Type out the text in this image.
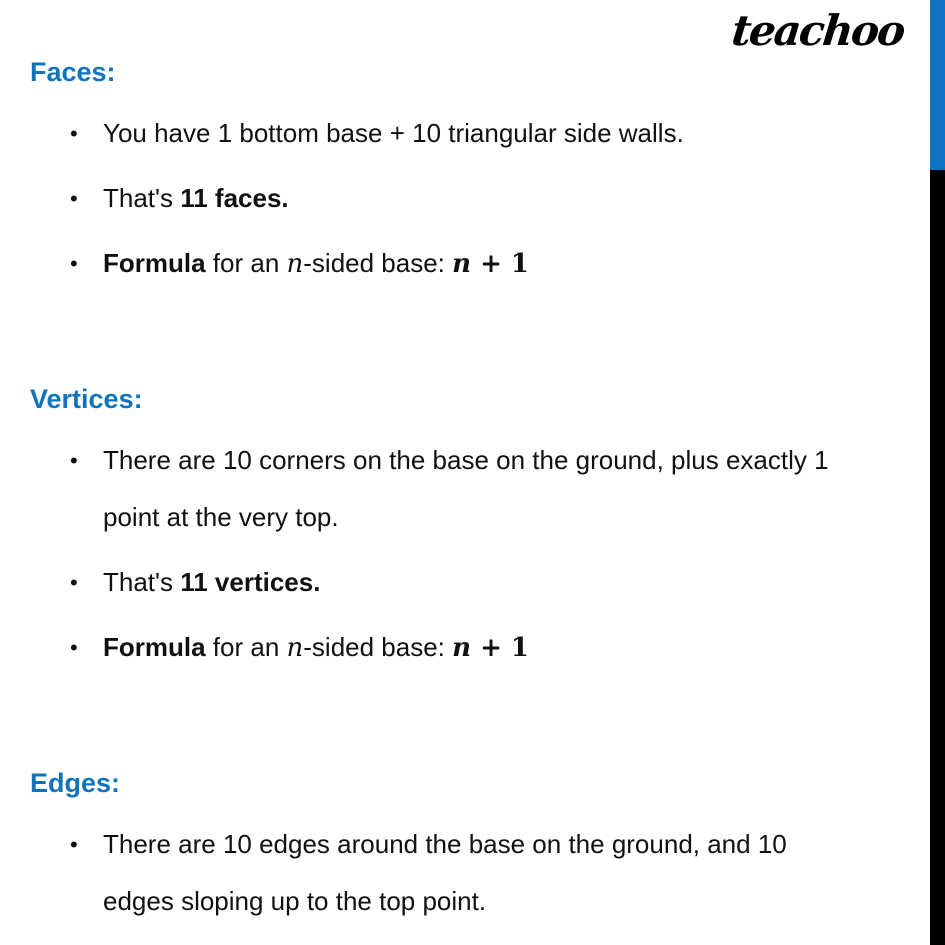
teachoo
Faces:
• You have 1 bottom base + 10 triangular side walls.
• That's 11 faces.
• Formula for an n-sided base: n + 1
Vertices:
• There are 10 corners on the base on the ground, plus exactly 1
point at the very top.
• That's 11 vertices.
• Formula for an n-sided base: n + 1
Edges:
• There are 10 edges around the base on the ground, and 10
edges sloping up to the top point.
